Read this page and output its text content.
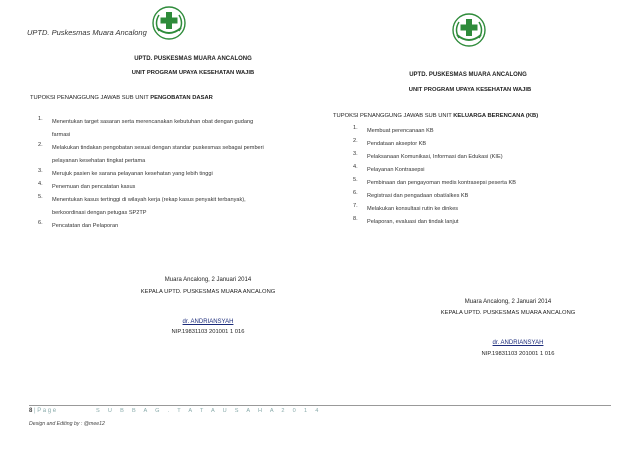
UPTD. Puskesmas Muara Ancalong
UPTD. PUSKESMAS MUARA ANCALONG
UNIT PROGRAM UPAYA KESEHATAN WAJIB
TUPOKSI PENANGGUNG JAWAB SUB UNIT PENGOBATAN DASAR
1. Menentukan target sasaran serta merencanakan kebutuhan obat dengan gudang
farmasi
2. Melakukan tindakan pengobatan sesuai dengan standar puskesmas sebagai pemberi
pelayanan kesehatan tingkat pertama
3. Merujuk pasien ke sarana pelayanan kesehatan yang lebih tinggi
4. Penemuan dan pencatatan kasus
5. Menentukan kasus tertinggi di wilayah kerja (rekap kasus penyakit terbanyak),
berkoordinasi dengan petugas SP2TP
6. Pencatatan dan Pelaporan
Muara Ancalong, 2 Januari 2014
KEPALA UPTD. PUSKESMAS MUARA ANCALONG
dr. ANDRIANSYAH
NIP.19831103 201001 1 016
UPTD. PUSKESMAS MUARA ANCALONG
UNIT PROGRAM UPAYA KESEHATAN WAJIB
TUPOKSI PENANGGUNG JAWAB SUB UNIT KELUARGA BERENCANA (KB)
1. Membuat perencanaan KB
2. Pendataan akseptor KB
3. Pelaksanaan Komunikasi, Informasi dan Edukasi (KIE)
4. Pelayanan Kontrasepsi
5. Pembinaan dan pengayoman medis kontrasepsi peserta KB
6. Registrasi dan pengadaan obat/alkes KB
7. Melakukan konsultasi rutin ke dinkes
8. Pelaporan, evaluasi dan tindak lanjut
Muara Ancalong, 2 Januari 2014
KEPALA UPTD. PUSKESMAS MUARA ANCALONG
dr. ANDRIANSYAH
NIP.19831103 201001 1 016
8 | P a g e	S U B B A G . T A T A U S A H A 2 0 1 4
Design and Editing by : @mee12
